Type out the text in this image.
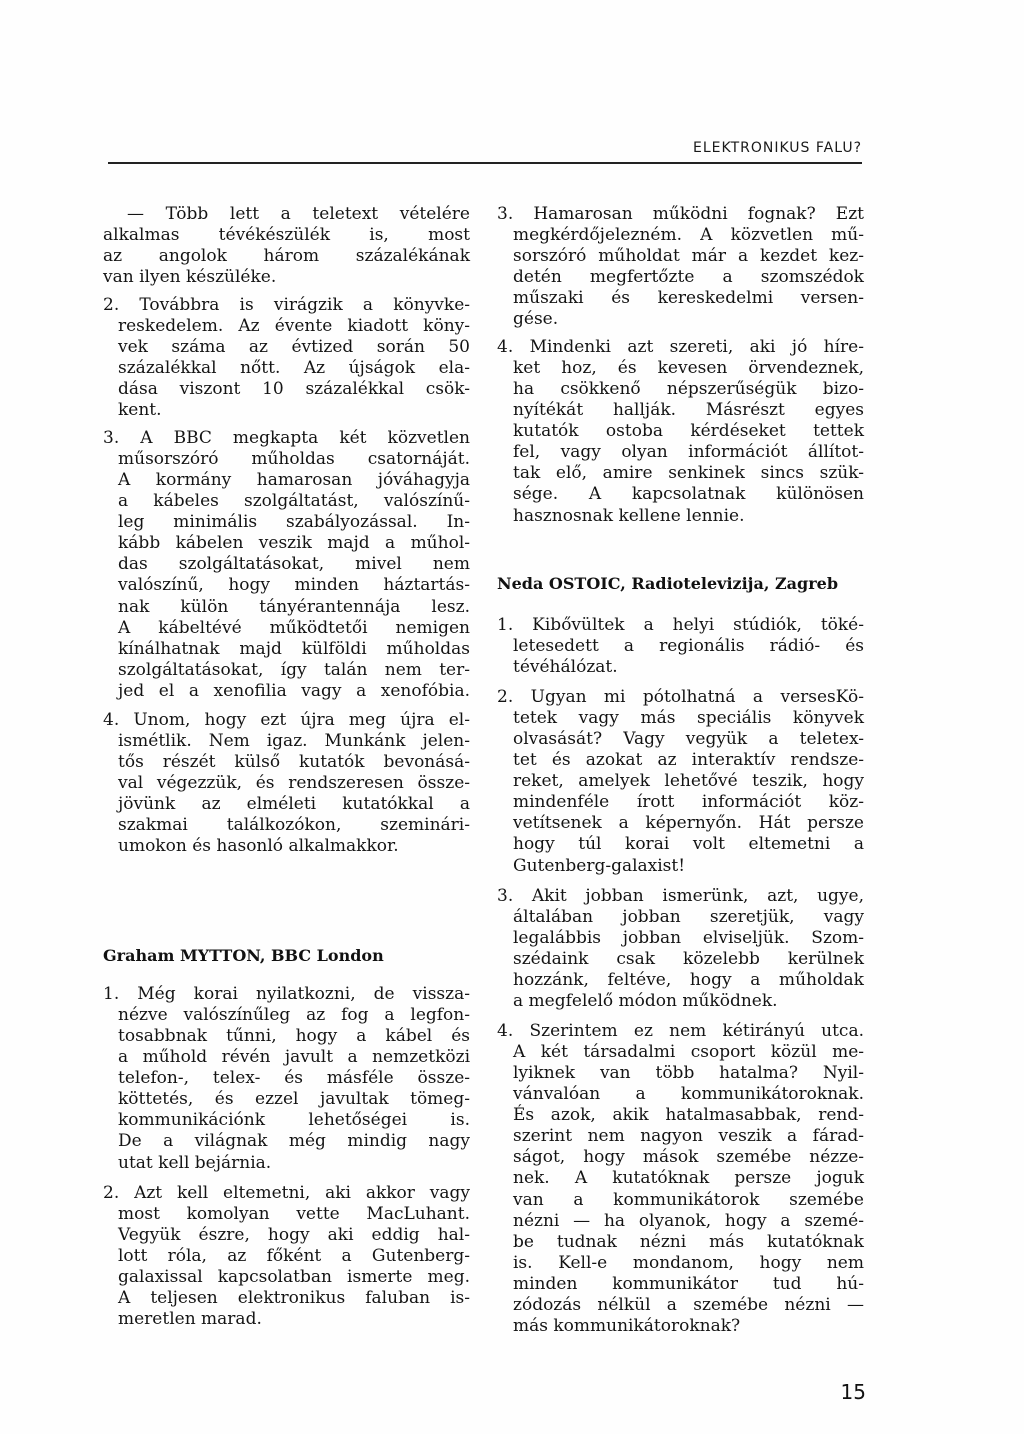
ELEKTRONIKUS FALU?
— Több lett a teletext vételére
alkalmas tévékészülék is, most
az angolok három százalékának
van ilyen készüléke.
2. Továbbra is virágzik a könyvke-
reskedelem. Az évente kiadott köny-
vek száma az évtized során 50
százalékkal nőtt. Az újságok ela-
dása viszont 10 százalékkal csök-
kent.
3. A BBC megkapta két közvetlen
műsorszóró műholdas csatornáját.
A kormány hamarosan jóváhagyja
a kábeles szolgáltatást, valószínű-
leg minimális szabályozással. In-
kább kábelen veszik majd a műhol-
das szolgáltatásokat, mivel nem
valószínű, hogy minden háztartás-
nak külön tányérantennája lesz.
A kábeltévé működtetői nemigen
kínálhatnak majd külföldi műholdas
szolgáltatásokat, így talán nem ter-
jed el a xenofilia vagy a xenofóbia.
4. Unom, hogy ezt újra meg újra el-
ismétlik. Nem igaz. Munkánk jelen-
tős részét külső kutatók bevonásá-
val végezzük, és rendszeresen össze-
jövünk az elméleti kutatókkal a
szakmai találkozókon, szeminári-
umokon és hasonló alkalmakkor.
Graham MYTTON, BBC London
1. Még korai nyilatkozni, de vissza-
nézve valószínűleg az fog a legfon-
tosabbnak tűnni, hogy a kábel és
a műhold révén javult a nemzetközi
telefon-, telex- és másféle össze-
köttetés, és ezzel javultak tömeg-
kommunikációnk lehetőségei is.
De a világnak még mindig nagy
utat kell bejárnia.
2. Azt kell eltemetni, aki akkor vagy
most komolyan vette MacLuhant.
Vegyük észre, hogy aki eddig hal-
lott róla, az főként a Gutenberg-
galaxissal kapcsolatban ismerte meg.
A teljesen elektronikus faluban is-
meretlen marad.
3. Hamarosan működni fognak? Ezt
megkérdőjelezném. A közvetlen mű-
sorszóró műholdat már a kezdet kez-
detén megfertőzte a szomszédok
műszaki és kereskedelmi versen-
gése.
4. Mindenki azt szereti, aki jó híre-
ket hoz, és kevesen örvendeznek,
ha csökkenő népszerűségük bizo-
nyítékát hallják. Másrészt egyes
kutatók ostoba kérdéseket tettek
fel, vagy olyan információt állítot-
tak elő, amire senkinek sincs szük-
sége. A kapcsolatnak különösen
hasznosnak kellene lennie.
Neda OSTOIC, Radiotelevizija, Zagreb
1. Kibővültek a helyi stúdiók, töké-
letesedett a regionális rádió- és
tévéhálózat.
2. Ugyan mi pótolhatná a versesKö-
tetek vagy más speciális könyvek
olvasását? Vagy vegyük a teletex-
tet és azokat az interaktív rendsze-
reket, amelyek lehetővé teszik, hogy
mindenféle írott információt köz-
vetítsenek a képernyőn. Hát persze
hogy túl korai volt eltemetni a
Gutenberg-galaxist!
3. Akit jobban ismerünk, azt, ugye,
általában jobban szeretjük, vagy
legalábbis jobban elviseljük. Szom-
szédaink csak közelebb kerülnek
hozzánk, feltéve, hogy a műholdak
a megfelelő módon működnek.
4. Szerintem ez nem kétirányú utca.
A két társadalmi csoport közül me-
lyiknek van több hatalma? Nyil-
vánvalóan a kommunikátoroknak.
És azok, akik hatalmasabbak, rend-
szerint nem nagyon veszik a fárad-
ságot, hogy mások szemébe nézze-
nek. A kutatóknak persze joguk
van a kommunikátorok szemébe
nézni — ha olyanok, hogy a szemé-
be tudnak nézni más kutatóknak
is. Kell-e mondanom, hogy nem
minden kommunikátor tud hú-
zódozás nélkül a szemébe nézni —
más kommunikátoroknak?
15
